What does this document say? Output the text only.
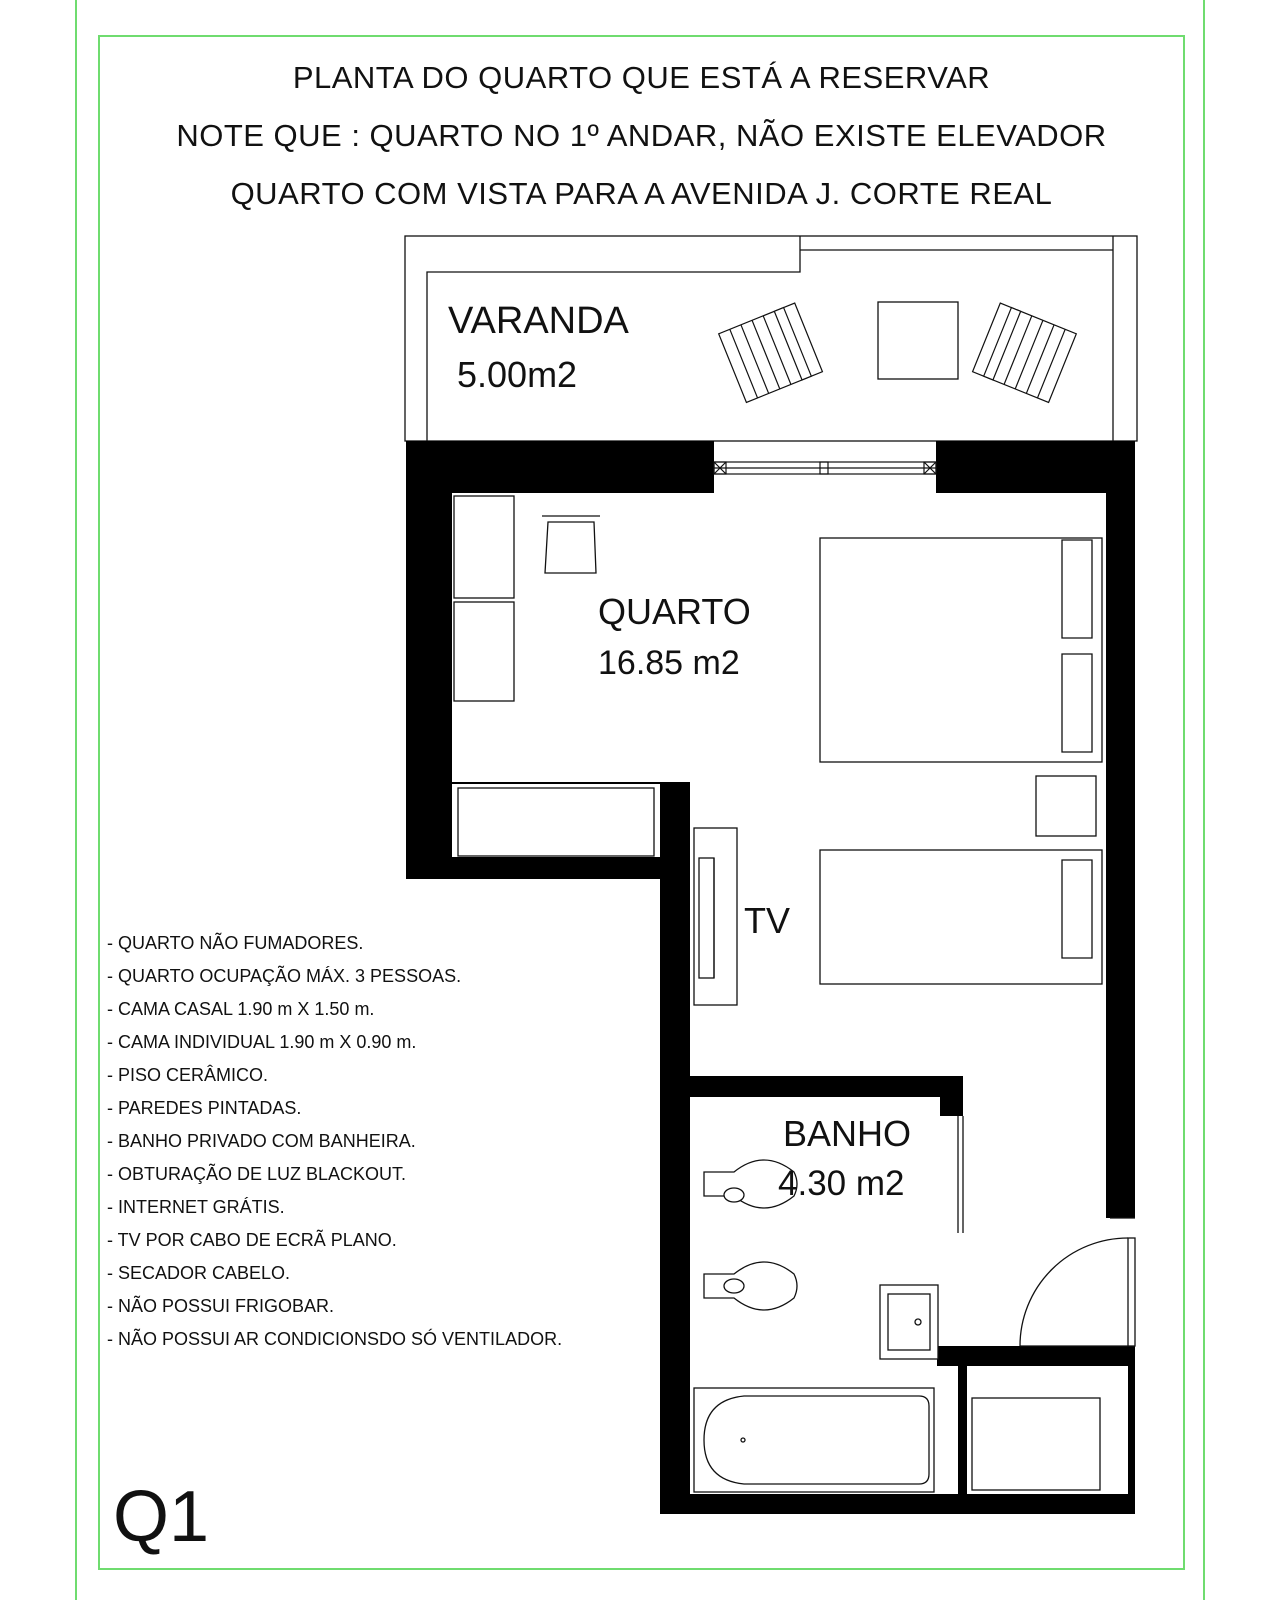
PLANTA DO QUARTO QUE ESTÁ A RESERVAR
NOTE QUE : QUARTO NO 1º ANDAR, NÃO EXISTE ELEVADOR
QUARTO COM VISTA PARA A AVENIDA J. CORTE REAL
VARANDA
5.00m2
QUARTO
16.85 m2
TV
BANHO
4.30 m2
- QUARTO NÃO FUMADORES.
- QUARTO OCUPAÇÃO MÁX. 3 PESSOAS.
- CAMA CASAL 1.90 m X 1.50 m.
- CAMA INDIVIDUAL 1.90 m X 0.90 m.
- PISO CERÂMICO.
- PAREDES PINTADAS.
- BANHO PRIVADO COM BANHEIRA.
- OBTURAÇÃO DE LUZ BLACKOUT.
- INTERNET GRÁTIS.
- TV POR CABO DE ECRÃ PLANO.
- SECADOR CABELO.
- NÃO POSSUI FRIGOBAR.
- NÃO POSSUI AR CONDICIONSDO SÓ VENTILADOR.
Q1
